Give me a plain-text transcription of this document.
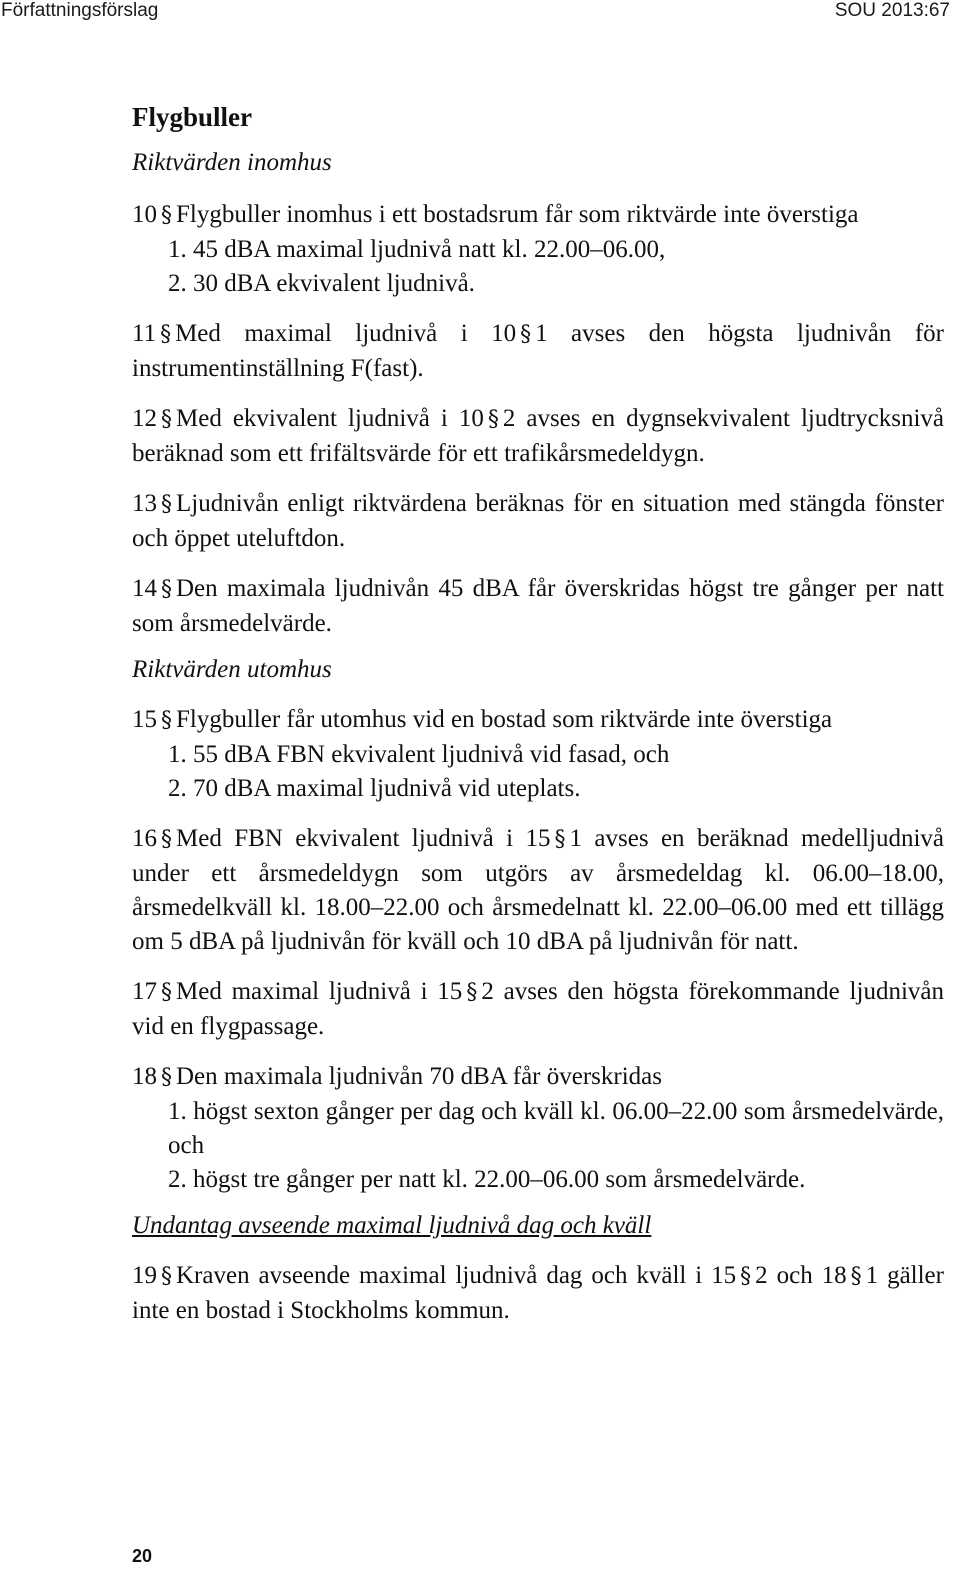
Författningsförslag	SOU 2013:67
Flygbuller

Riktvärden inomhus

10 § Flygbuller inomhus i ett bostadsrum får som riktvärde inte överstiga

1. 45 dBA maximal ljudnivå natt kl. 22.00–06.00,
2. 30 dBA ekvivalent ljudnivå.

11 § Med maximal ljudnivå i 10 § 1 avses den högsta ljudnivån för instrumentinställning F(fast).

12 § Med ekvivalent ljudnivå i 10 § 2 avses en dygnsekvivalent ljudtrycksnivå beräknad som ett frifältsvärde för ett trafikårsmedeldygn.

13 § Ljudnivån enligt riktvärdena beräknas för en situation med stängda fönster och öppet uteluftdon.

14 § Den maximala ljudnivån 45 dBA får överskridas högst tre gånger per natt som årsmedelvärde.

Riktvärden utomhus

15 § Flygbuller får utomhus vid en bostad som riktvärde inte överstiga

1. 55 dBA FBN ekvivalent ljudnivå vid fasad, och
2. 70 dBA maximal ljudnivå vid uteplats.

16 § Med FBN ekvivalent ljudnivå i 15 § 1 avses en beräknad medelljudnivå under ett årsmedeldygn som utgörs av årsmedeldag kl. 06.00–18.00, årsmedelkväll kl. 18.00–22.00 och årsmedelnatt kl. 22.00–06.00 med ett tillägg om 5 dBA på ljudnivån för kväll och 10 dBA på ljudnivån för natt.

17 § Med maximal ljudnivå i 15 § 2 avses den högsta förekommande ljudnivån vid en flygpassage.

18 § Den maximala ljudnivån 70 dBA får överskridas

1. högst sexton gånger per dag och kväll kl. 06.00–22.00 som årsmedelvärde, och
2. högst tre gånger per natt kl. 22.00–06.00 som årsmedelvärde.

Undantag avseende maximal ljudnivå dag och kväll

19 § Kraven avseende maximal ljudnivå dag och kväll i 15 § 2 och 18 § 1 gäller inte en bostad i Stockholms kommun.

20
